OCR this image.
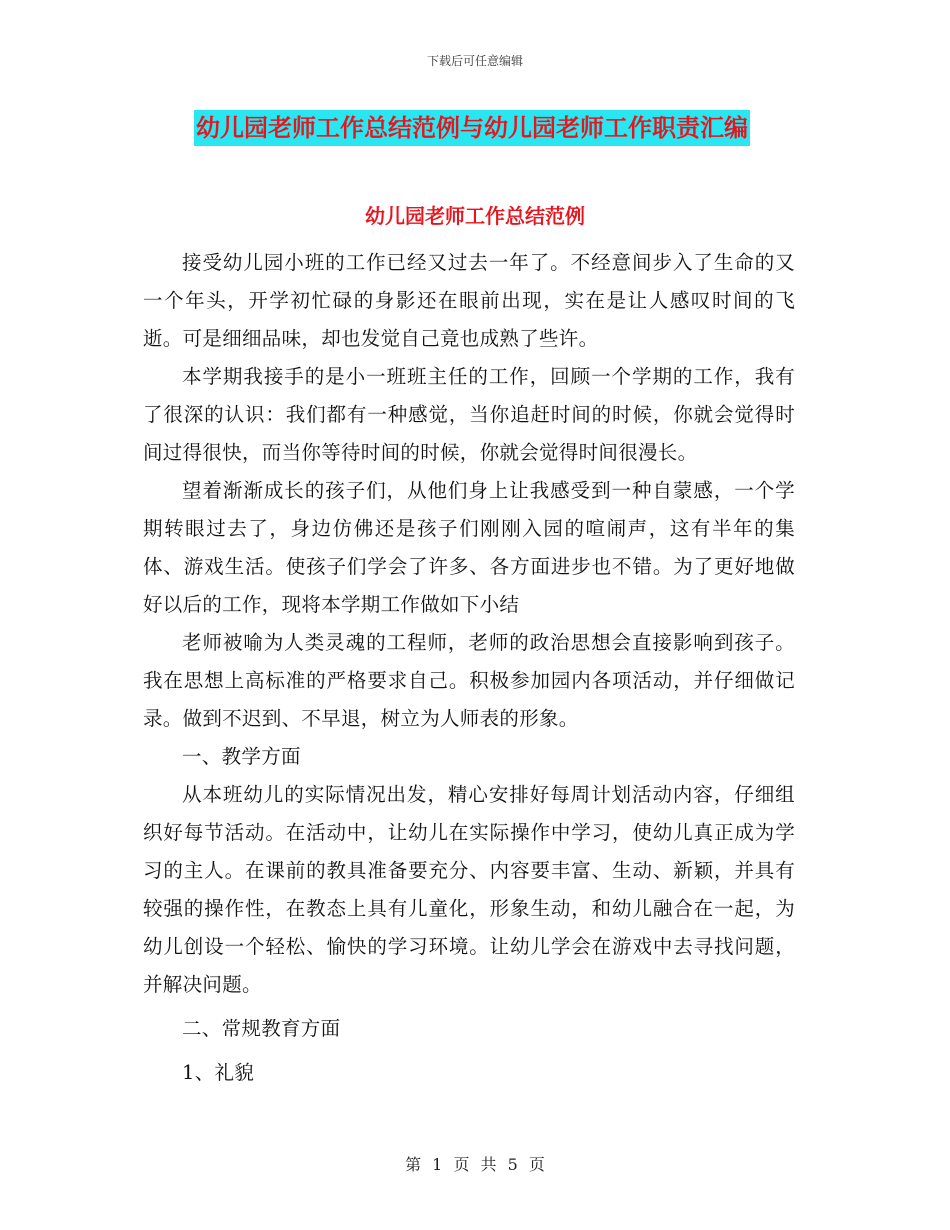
下载后可任意编辑
幼儿园老师工作总结范例与幼儿园老师工作职责汇编
幼儿园老师工作总结范例

接受幼儿园小班的工作已经又过去一年了。不经意间步入了生命的又一个年头，开学初忙碌的身影还在眼前出现，实在是让人感叹时间的飞逝。可是细细品味，却也发觉自己竟也成熟了些许。

本学期我接手的是小一班班主任的工作，回顾一个学期的工作，我有了很深的认识：我们都有一种感觉，当你追赶时间的时候，你就会觉得时间过得很快，而当你等待时间的时候，你就会觉得时间很漫长。

望着渐渐成长的孩子们，从他们身上让我感受到一种自蒙感，一个学期转眼过去了，身边仿佛还是孩子们刚刚入园的喧闹声，这有半年的集体、游戏生活。使孩子们学会了许多、各方面进步也不错。为了更好地做好以后的工作，现将本学期工作做如下小结

老师被喻为人类灵魂的工程师，老师的政治思想会直接影响到孩子。我在思想上高标准的严格要求自己。积极参加园内各项活动，并仔细做记录。做到不迟到、不早退，树立为人师表的形象。

一、教学方面

从本班幼儿的实际情况出发，精心安排好每周计划活动内容，仔细组织好每节活动。在活动中，让幼儿在实际操作中学习，使幼儿真正成为学习的主人。在课前的教具准备要充分、内容要丰富、生动、新颖，并具有较强的操作性，在教态上具有儿童化，形象生动，和幼儿融合在一起，为幼儿创设一个轻松、愉快的学习环境。让幼儿学会在游戏中去寻找问题，并解决问题。

二、常规教育方面

1、礼貌

第 1 页 共 5 页
